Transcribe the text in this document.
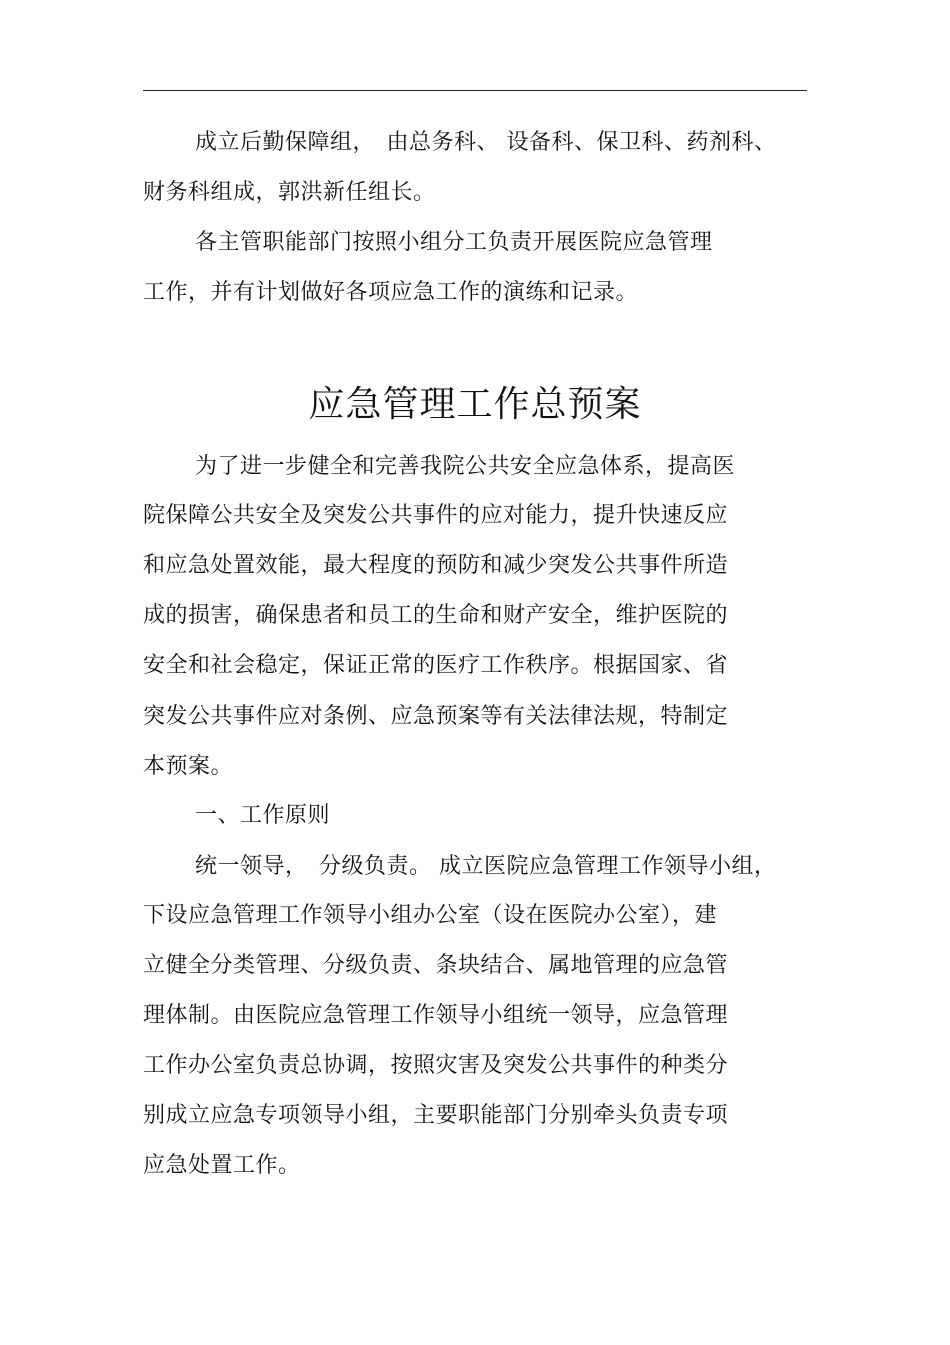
成立后勤保障组，　由总务科、 设备科、保卫科、药剂科、
财务科组成，郭洪新任组长。
各主管职能部门按照小组分工负责开展医院应急管理
工作，并有计划做好各项应急工作的演练和记录。
应急管理工作总预案
为了进一步健全和完善我院公共安全应急体系，提高医
院保障公共安全及突发公共事件的应对能力，提升快速反应
和应急处置效能，最大程度的预防和减少突发公共事件所造
成的损害，确保患者和员工的生命和财产安全，维护医院的
安全和社会稳定，保证正常的医疗工作秩序。根据国家、省
突发公共事件应对条例、应急预案等有关法律法规，特制定
本预案。
一、工作原则
统一领导，　分级负责。 成立医院应急管理工作领导小组，
下设应急管理工作领导小组办公室（设在医院办公室），建
立健全分类管理、分级负责、条块结合、属地管理的应急管
理体制。由医院应急管理工作领导小组统一领导，应急管理
工作办公室负责总协调，按照灾害及突发公共事件的种类分
别成立应急专项领导小组，主要职能部门分别牵头负责专项
应急处置工作。
